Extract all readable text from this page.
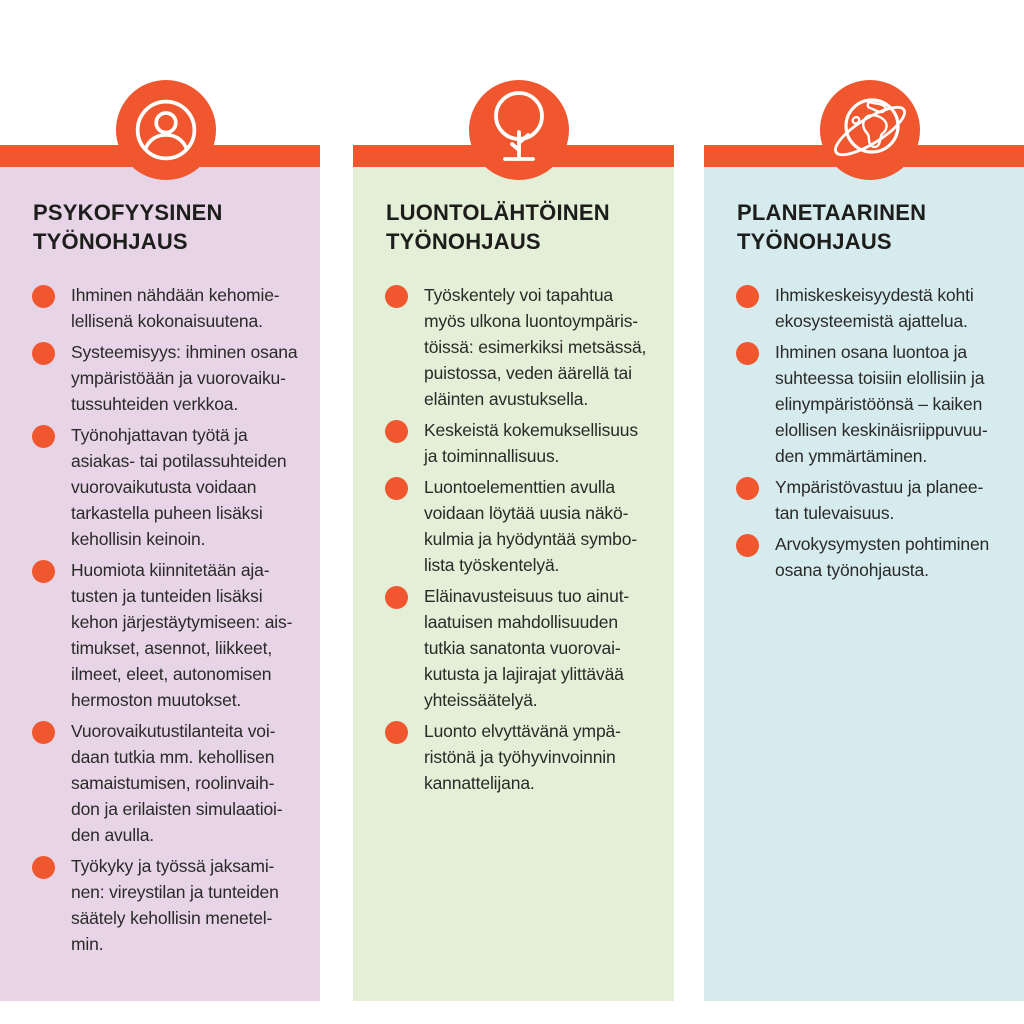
PSYKOFYYSINEN
TYÖNOHJAUS
Ihminen nähdään kehomie-
lellisenä kokonaisuutena.
Systeemisyys: ihminen osana
ympäristöään ja vuorovaiku-
tussuhteiden verkkoa.
Työnohjattavan työtä ja
asiakas- tai potilassuhteiden
vuorovaikutusta voidaan
tarkastella puheen lisäksi
kehollisin keinoin.
Huomiota kiinnitetään aja-
tusten ja tunteiden lisäksi
kehon järjestäytymiseen: ais-
timukset, asennot, liikkeet,
ilmeet, eleet, autonomisen
hermoston muutokset.
Vuorovaikutustilanteita voi-
daan tutkia mm. kehollisen
samaistumisen, roolinvaih-
don ja erilaisten simulaatioi-
den avulla.
Työkyky ja työssä jaksami-
nen: vireystilan ja tunteiden
säätely kehollisin menetel-
min.
LUONTOLÄHTÖINEN
TYÖNOHJAUS
Työskentely voi tapahtua
myös ulkona luontoympäris-
töissä: esimerkiksi metsässä,
puistossa, veden äärellä tai
eläinten avustuksella.
Keskeistä kokemuksellisuus
ja toiminnallisuus.
Luontoelementtien avulla
voidaan löytää uusia näkö-
kulmia ja hyödyntää symbo-
lista työskentelyä.
Eläinavusteisuus tuo ainut-
laatuisen mahdollisuuden
tutkia sanatonta vuorovai-
kutusta ja lajirajat ylittävää
yhteissäätelyä.
Luonto elvyttävänä ympä-
ristönä ja työhyvinvoinnin
kannattelijana.
PLANETAARINEN
TYÖNOHJAUS
Ihmiskeskeisyydestä kohti
ekosysteemistä ajattelua.
Ihminen osana luontoa ja
suhteessa toisiin elollisiin ja
elinympäristöönsä – kaiken
elollisen keskinäisriippuvuu-
den ymmärtäminen.
Ympäristövastuu ja planee-
tan tulevaisuus.
Arvokysymysten pohtiminen
osana työnohjausta.
